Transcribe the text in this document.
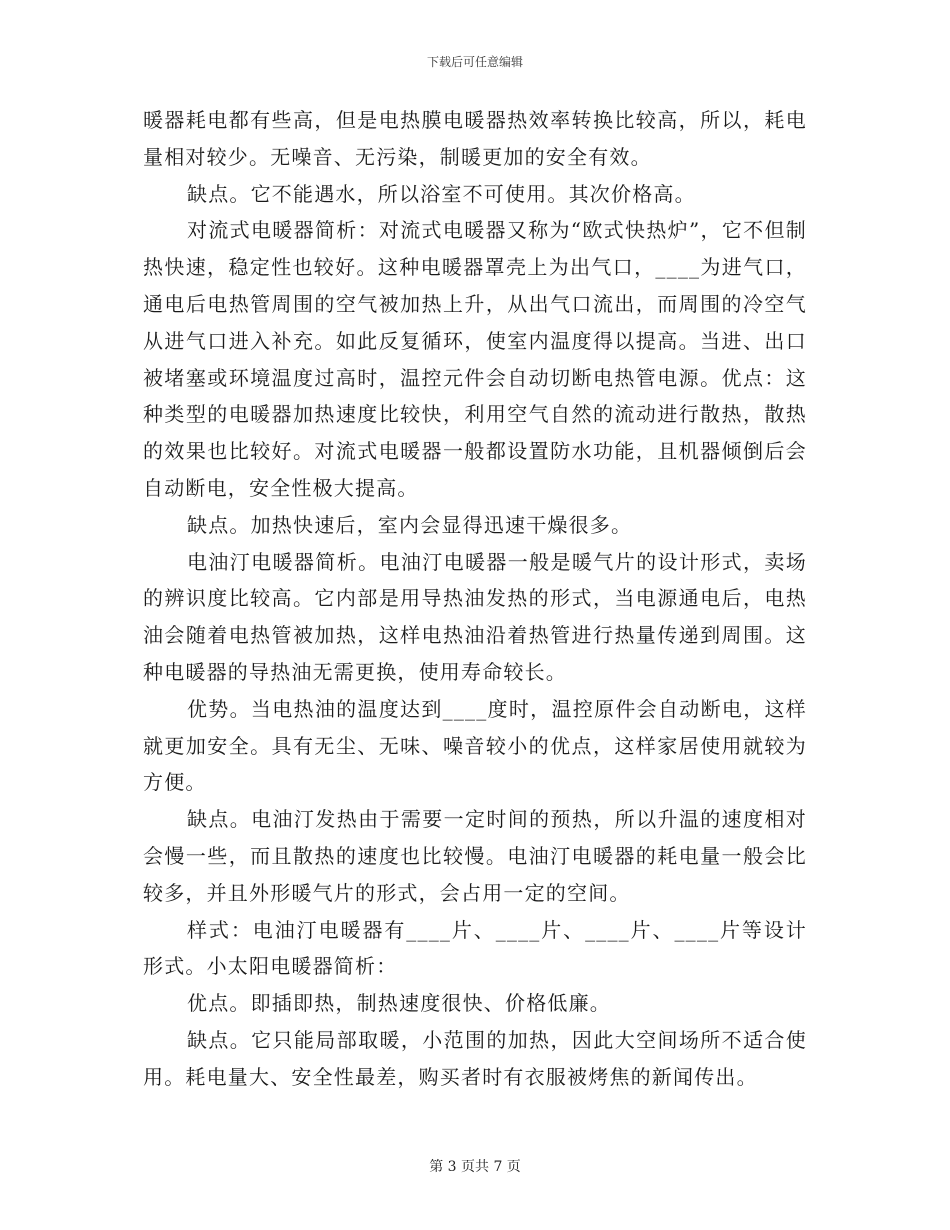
下载后可任意编辑

暖器耗电都有些高，但是电热膜电暖器热效率转换比较高，所以，耗电量相对较少。无噪音、无污染，制暖更加的安全有效。

缺点。它不能遇水，所以浴室不可使用。其次价格高。

对流式电暖器简析：对流式电暖器又称为“欧式快热炉”，它不但制热快速，稳定性也较好。这种电暖器罩壳上为出气口，____为进气口，通电后电热管周围的空气被加热上升，从出气口流出，而周围的冷空气从进气口进入补充。如此反复循环，使室内温度得以提高。当进、出口被堵塞或环境温度过高时，温控元件会自动切断电热管电源。优点：这种类型的电暖器加热速度比较快，利用空气自然的流动进行散热，散热的效果也比较好。对流式电暖器一般都设置防水功能，且机器倾倒后会自动断电，安全性极大提高。

缺点。加热快速后，室内会显得迅速干燥很多。

电油汀电暖器简析。电油汀电暖器一般是暖气片的设计形式，卖场的辨识度比较高。它内部是用导热油发热的形式，当电源通电后，电热油会随着电热管被加热，这样电热油沿着热管进行热量传递到周围。这种电暖器的导热油无需更换，使用寿命较长。

优势。当电热油的温度达到____度时，温控原件会自动断电，这样就更加安全。具有无尘、无味、噪音较小的优点，这样家居使用就较为方便。

缺点。电油汀发热由于需要一定时间的预热，所以升温的速度相对会慢一些，而且散热的速度也比较慢。电油汀电暖器的耗电量一般会比较多，并且外形暖气片的形式，会占用一定的空间。

样式：电油汀电暖器有____片、____片、____片、____片等设计形式。小太阳电暖器简析：

优点。即插即热，制热速度很快、价格低廉。

缺点。它只能局部取暖，小范围的加热，因此大空间场所不适合使用。耗电量大、安全性最差，购买者时有衣服被烤焦的新闻传出。

第 3 页共 7 页
